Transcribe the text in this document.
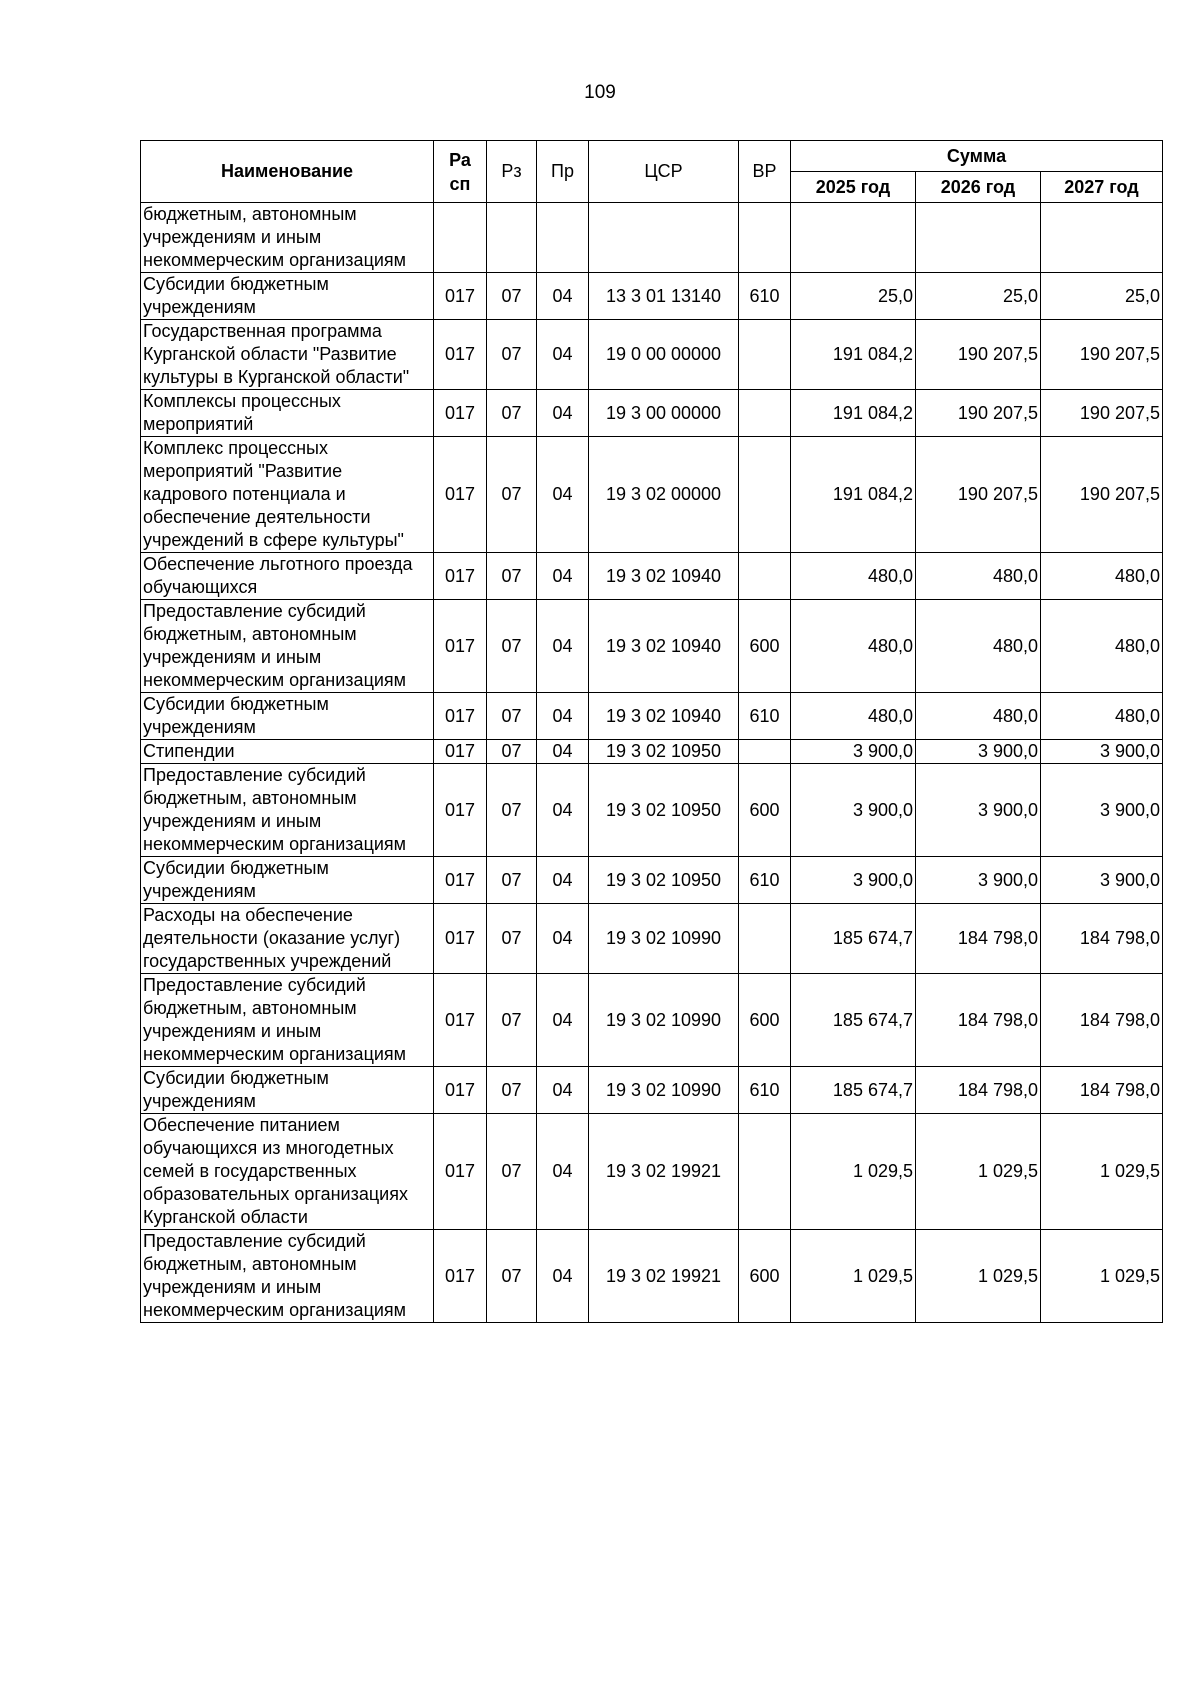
109
Наименование	Ра сп	Рз	Пр	ЦСР	ВР	Сумма		
						2025 год	2026 год	2027 год
бюджетным, автономным учреждениям и иным некоммерческим организациям								
Субсидии бюджетным учреждениям	017	07	04	13 3 01 13140	610	25,0	25,0	25,0
Государственная программа Курганской области "Развитие культуры в Курганской области"	017	07	04	19 0 00 00000		191 084,2	190 207,5	190 207,5
Комплексы процессных мероприятий	017	07	04	19 3 00 00000		191 084,2	190 207,5	190 207,5
Комплекс процессных мероприятий "Развитие кадрового потенциала и обеспечение деятельности учреждений в сфере культуры"	017	07	04	19 3 02 00000		191 084,2	190 207,5	190 207,5
Обеспечение льготного проезда обучающихся	017	07	04	19 3 02 10940		480,0	480,0	480,0
Предоставление субсидий бюджетным, автономным учреждениям и иным некоммерческим организациям	017	07	04	19 3 02 10940	600	480,0	480,0	480,0
Субсидии бюджетным учреждениям	017	07	04	19 3 02 10940	610	480,0	480,0	480,0
Стипендии	017	07	04	19 3 02 10950		3 900,0	3 900,0	3 900,0
Предоставление субсидий бюджетным, автономным учреждениям и иным некоммерческим организациям	017	07	04	19 3 02 10950	600	3 900,0	3 900,0	3 900,0
Субсидии бюджетным учреждениям	017	07	04	19 3 02 10950	610	3 900,0	3 900,0	3 900,0
Расходы на обеспечение деятельности (оказание услуг) государственных учреждений	017	07	04	19 3 02 10990		185 674,7	184 798,0	184 798,0
Предоставление субсидий бюджетным, автономным учреждениям и иным некоммерческим организациям	017	07	04	19 3 02 10990	600	185 674,7	184 798,0	184 798,0
Субсидии бюджетным учреждениям	017	07	04	19 3 02 10990	610	185 674,7	184 798,0	184 798,0
Обеспечение питанием обучающихся из многодетных семей в государственных образовательных организациях Курганской области	017	07	04	19 3 02 19921		1 029,5	1 029,5	1 029,5
Предоставление субсидий бюджетным, автономным учреждениям и иным некоммерческим организациям	017	07	04	19 3 02 19921	600	1 029,5	1 029,5	1 029,5
